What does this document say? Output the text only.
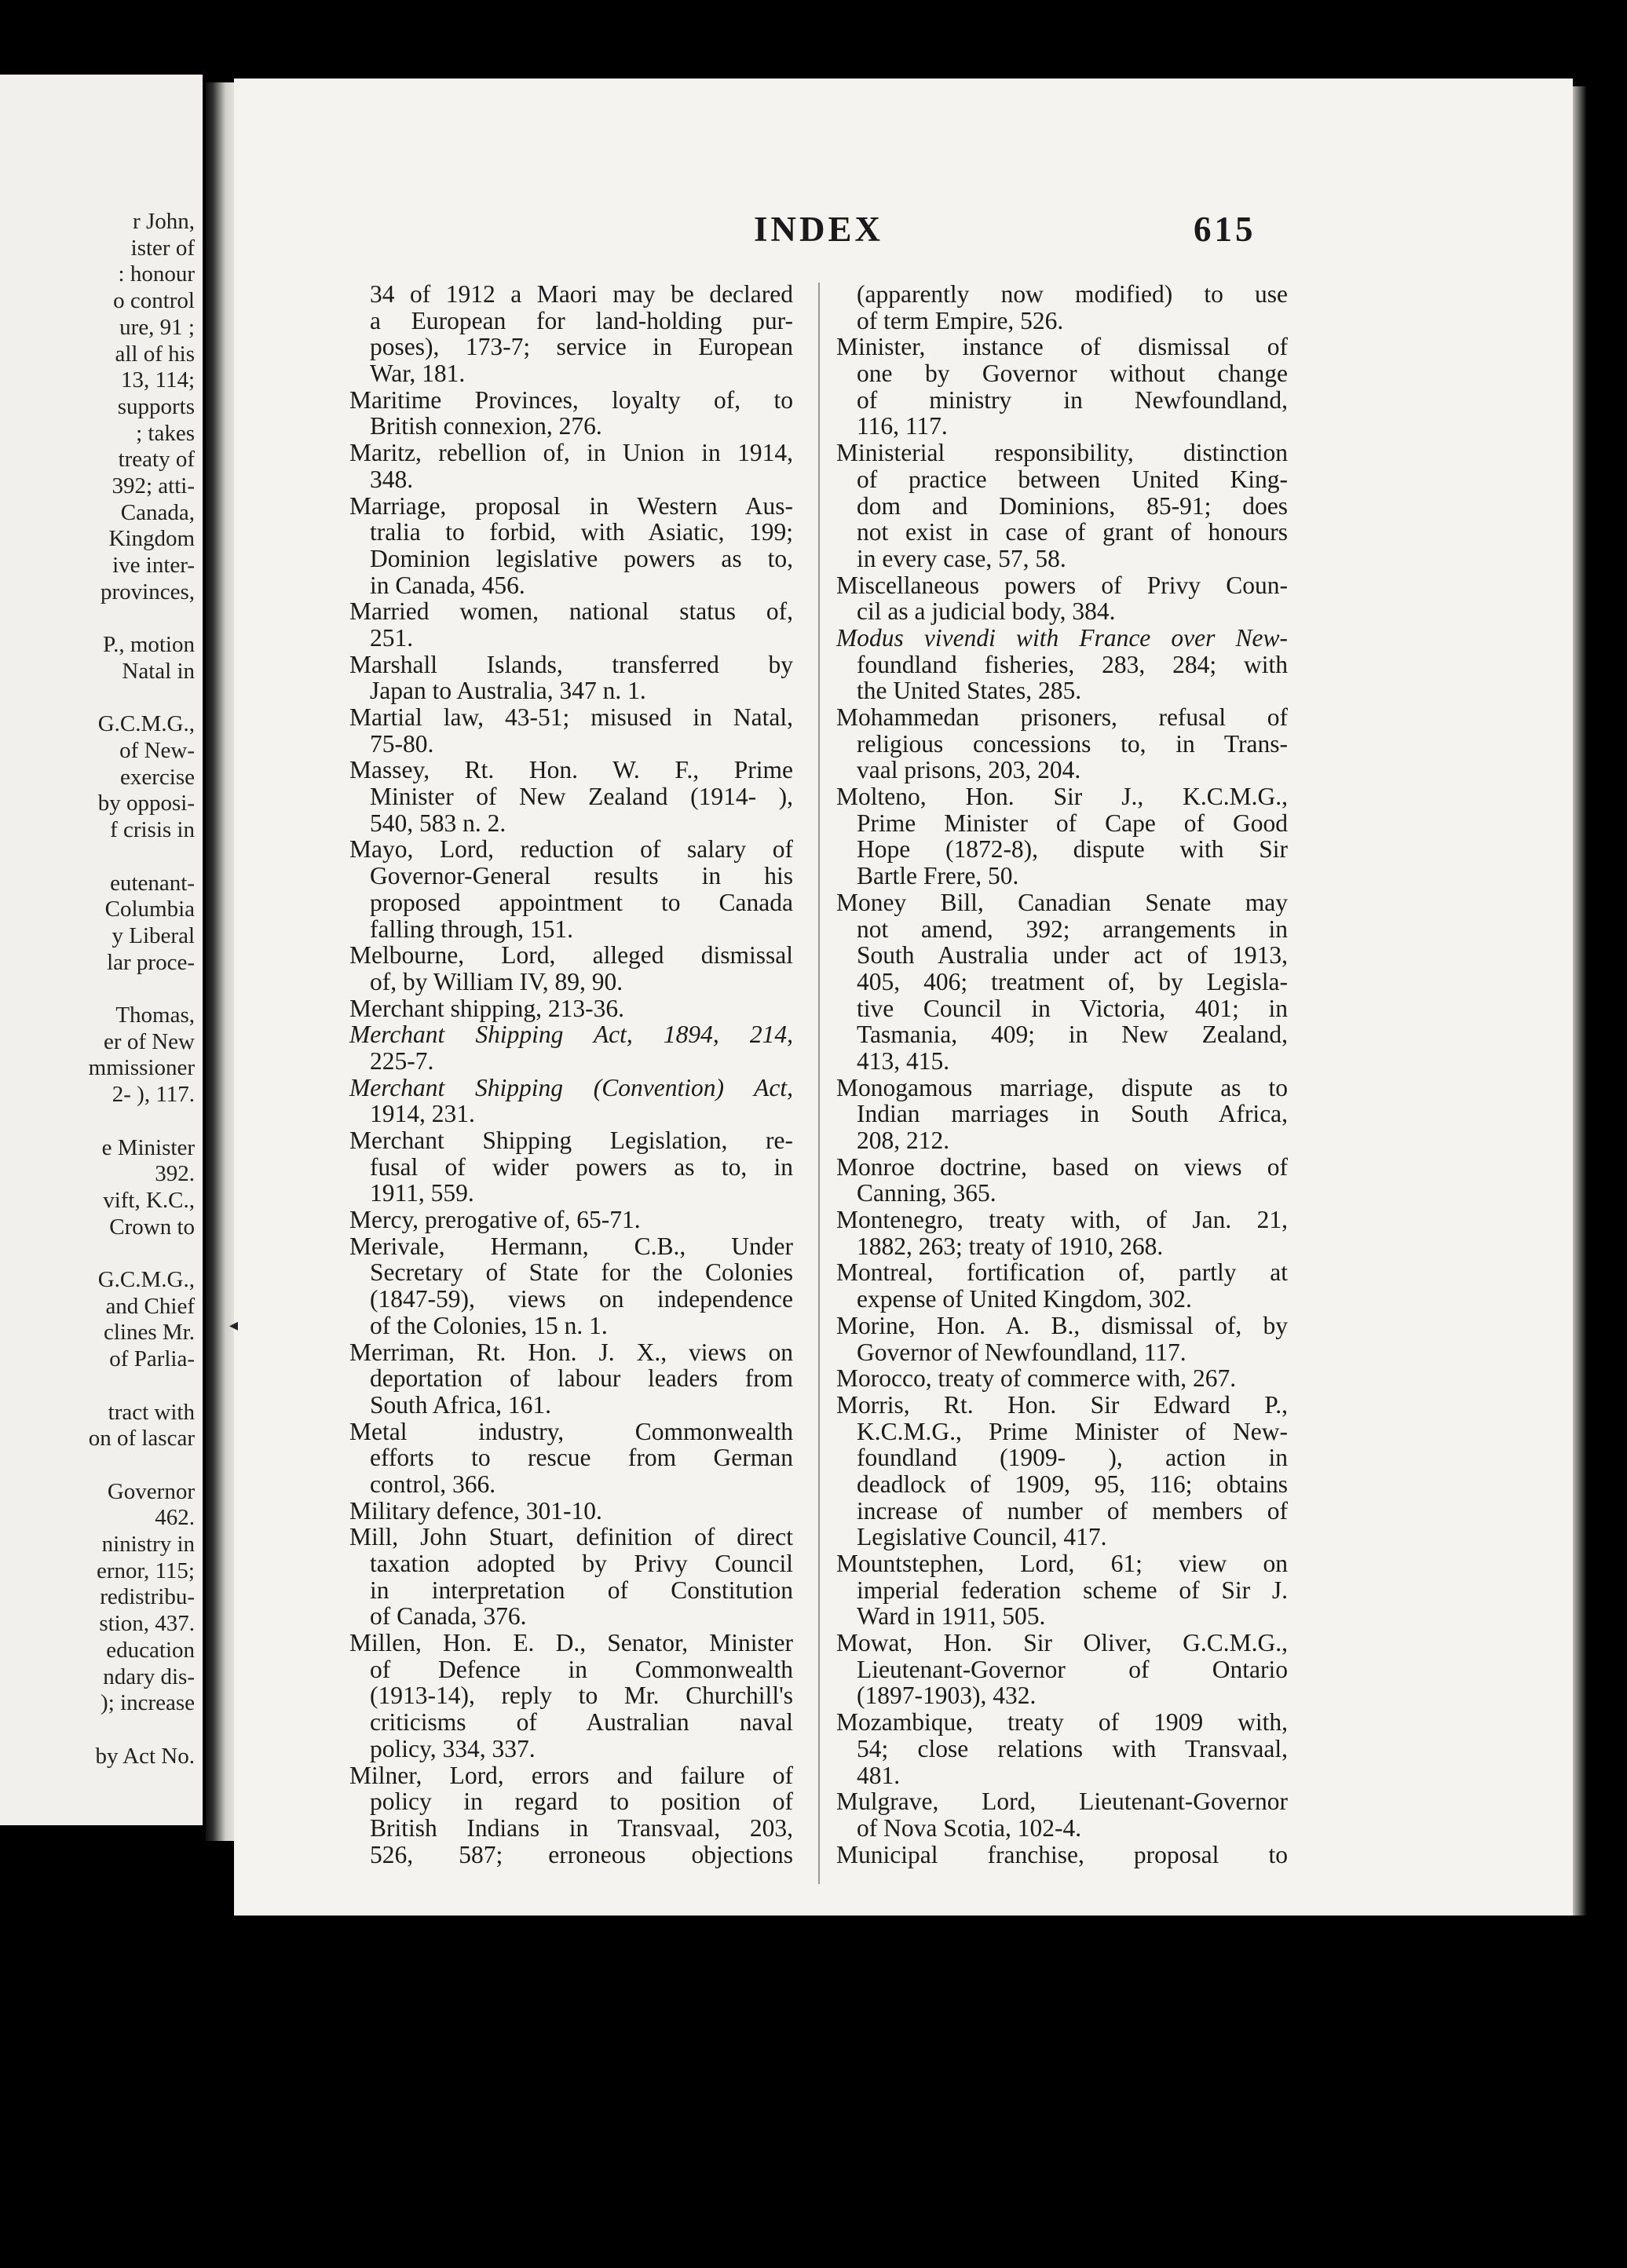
r John,
ister of
: honour
o control
ure, 91 ;
all of his
13, 114;
supports
; takes
treaty of
392; atti-
Canada,
Kingdom
ive inter-
provinces,
P., motion
Natal in
G.C.M.G.,
of New-
exercise
by opposi-
f crisis in
eutenant-
Columbia
y Liberal
lar proce-
Thomas,
er of New
mmissioner
2- ), 117.
e Minister
392.
vift, K.C.,
Crown to
G.C.M.G.,
and Chief
clines Mr.
of Parlia-
tract with
on of lascar
Governor
462.
ninistry in
ernor, 115;
redistribu-
stion, 437.
education
ndary dis-
); increase
by Act No.
INDEX	615
34 of 1912 a Maori may be declared
a European for land-holding pur-
poses), 173-7; service in European
War, 181.
Maritime Provinces, loyalty of, to
British connexion, 276.
Maritz, rebellion of, in Union in 1914,
348.
Marriage, proposal in Western Aus-
tralia to forbid, with Asiatic, 199;
Dominion legislative powers as to,
in Canada, 456.
Married women, national status of,
251.
Marshall Islands, transferred by
Japan to Australia, 347 n. 1.
Martial law, 43-51; misused in Natal,
75-80.
Massey, Rt. Hon. W. F., Prime
Minister of New Zealand (1914- ),
540, 583 n. 2.
Mayo, Lord, reduction of salary of
Governor-General results in his
proposed appointment to Canada
falling through, 151.
Melbourne, Lord, alleged dismissal
of, by William IV, 89, 90.
Merchant shipping, 213-36.
Merchant Shipping Act, 1894, 214,
225-7.
Merchant Shipping (Convention) Act,
1914, 231.
Merchant Shipping Legislation, re-
fusal of wider powers as to, in
1911, 559.
Mercy, prerogative of, 65-71.
Merivale, Hermann, C.B., Under
Secretary of State for the Colonies
(1847-59), views on independence
of the Colonies, 15 n. 1.
Merriman, Rt. Hon. J. X., views on
deportation of labour leaders from
South Africa, 161.
Metal industry, Commonwealth
efforts to rescue from German
control, 366.
Military defence, 301-10.
Mill, John Stuart, definition of direct
taxation adopted by Privy Council
in interpretation of Constitution
of Canada, 376.
Millen, Hon. E. D., Senator, Minister
of Defence in Commonwealth
(1913-14), reply to Mr. Churchill's
criticisms of Australian naval
policy, 334, 337.
Milner, Lord, errors and failure of
policy in regard to position of
British Indians in Transvaal, 203,
526, 587; erroneous objections
(apparently now modified) to use
of term Empire, 526.
Minister, instance of dismissal of
one by Governor without change
of ministry in Newfoundland,
116, 117.
Ministerial responsibility, distinction
of practice between United King-
dom and Dominions, 85-91; does
not exist in case of grant of honours
in every case, 57, 58.
Miscellaneous powers of Privy Coun-
cil as a judicial body, 384.
Modus vivendi with France over New-
foundland fisheries, 283, 284; with
the United States, 285.
Mohammedan prisoners, refusal of
religious concessions to, in Trans-
vaal prisons, 203, 204.
Molteno, Hon. Sir J., K.C.M.G.,
Prime Minister of Cape of Good
Hope (1872-8), dispute with Sir
Bartle Frere, 50.
Money Bill, Canadian Senate may
not amend, 392; arrangements in
South Australia under act of 1913,
405, 406; treatment of, by Legisla-
tive Council in Victoria, 401; in
Tasmania, 409; in New Zealand,
413, 415.
Monogamous marriage, dispute as to
Indian marriages in South Africa,
208, 212.
Monroe doctrine, based on views of
Canning, 365.
Montenegro, treaty with, of Jan. 21,
1882, 263; treaty of 1910, 268.
Montreal, fortification of, partly at
expense of United Kingdom, 302.
Morine, Hon. A. B., dismissal of, by
Governor of Newfoundland, 117.
Morocco, treaty of commerce with, 267.
Morris, Rt. Hon. Sir Edward P.,
K.C.M.G., Prime Minister of New-
foundland (1909- ), action in
deadlock of 1909, 95, 116; obtains
increase of number of members of
Legislative Council, 417.
Mountstephen, Lord, 61; view on
imperial federation scheme of Sir J.
Ward in 1911, 505.
Mowat, Hon. Sir Oliver, G.C.M.G.,
Lieutenant-Governor of Ontario
(1897-1903), 432.
Mozambique, treaty of 1909 with,
54; close relations with Transvaal,
481.
Mulgrave, Lord, Lieutenant-Governor
of Nova Scotia, 102-4.
Municipal franchise, proposal to
◂
